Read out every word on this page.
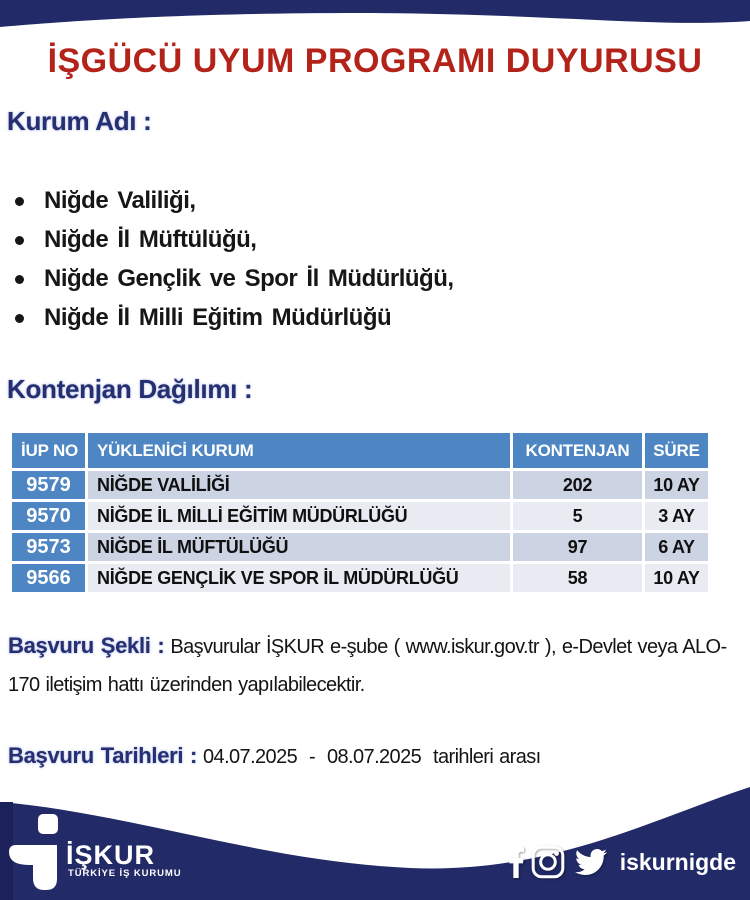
İŞGÜCÜ UYUM PROGRAMI DUYURUSU
Kurum Adı :
Niğde Valiliği,
Niğde İl Müftülüğü,
Niğde Gençlik ve Spor İl Müdürlüğü,
Niğde İl Milli Eğitim Müdürlüğü
Kontenjan Dağılımı :
İUP NO	YÜKLENİCİ KURUM	KONTENJAN	SÜRE
9579	NİĞDE VALİLİĞİ	202	10 AY
9570	NİĞDE İL MİLLİ EĞİTİM MÜDÜRLÜĞÜ	5	3 AY
9573	NİĞDE İL MÜFTÜLÜĞÜ	97	6 AY
9566	NİĞDE GENÇLİK VE SPOR İL MÜDÜRLÜĞÜ	58	10 AY
Başvuru Şekli : Başvurular İŞKUR e-şube ( www.iskur.gov.tr ), e-Devlet veya ALO-170 iletişim hattı üzerinden yapılabilecektir.
Başvuru Tarihleri : 04.07.2025  -  08.07.2025  tarihleri arası
İŞKUR
TÜRKİYE İŞ KURUMU	iskurnigde
